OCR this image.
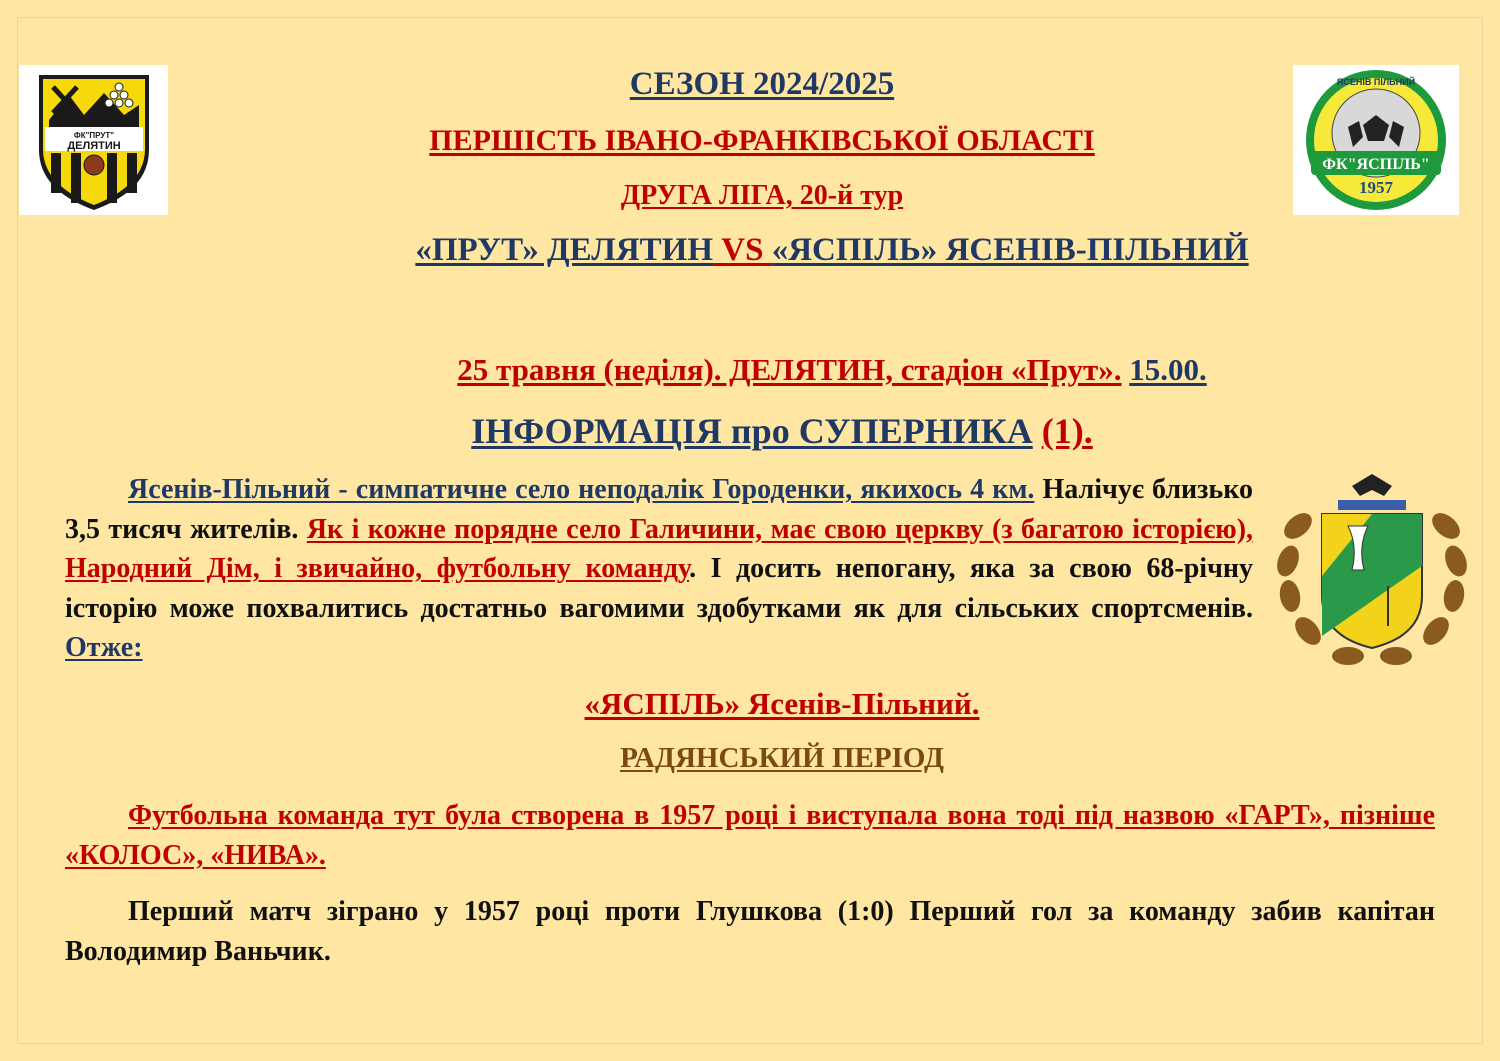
ФК"ПРУТ"
ДЕЛЯТИН
ЯСЕНІВ ПІЛЬНИЙ
ФК"ЯСПІЛЬ"
1957
СЕЗОН 2024/2025
ПЕРШІСТЬ ІВАНО-ФРАНКІВСЬКОЇ ОБЛАСТІ
ДРУГА ЛІГА, 20-й тур
«ПРУТ» ДЕЛЯТИН VS «ЯСПІЛЬ» ЯСЕНІВ-ПІЛЬНИЙ
25 травня (неділя). ДЕЛЯТИН, стадіон «Прут». 15.00.
ІНФОРМАЦІЯ про СУПЕРНИКА (1).
Ясенів-Пільний - симпатичне село неподалік Городенки, якихось 4 км. Налічує близько 3,5 тисяч жителів. Як і кожне порядне село Галичини, має свою церкву (з багатою історією), Народний Дім, і звичайно, футбольну команду. І досить непогану, яка за свою 68-річну історію може похвалитись достатньо вагомими здобутками як для сільських спортсменів. Отже:
«ЯСПІЛЬ» Ясенів-Пільний.
РАДЯНСЬКИЙ ПЕРІОД
Футбольна команда тут була створена в 1957 році і виступала вона тоді під назвою «ГАРТ», пізніше «КОЛОС», «НИВА».
Перший матч зіграно у 1957 році проти Глушкова (1:0) Перший гол за команду забив капітан Володимир Ваньчик.
